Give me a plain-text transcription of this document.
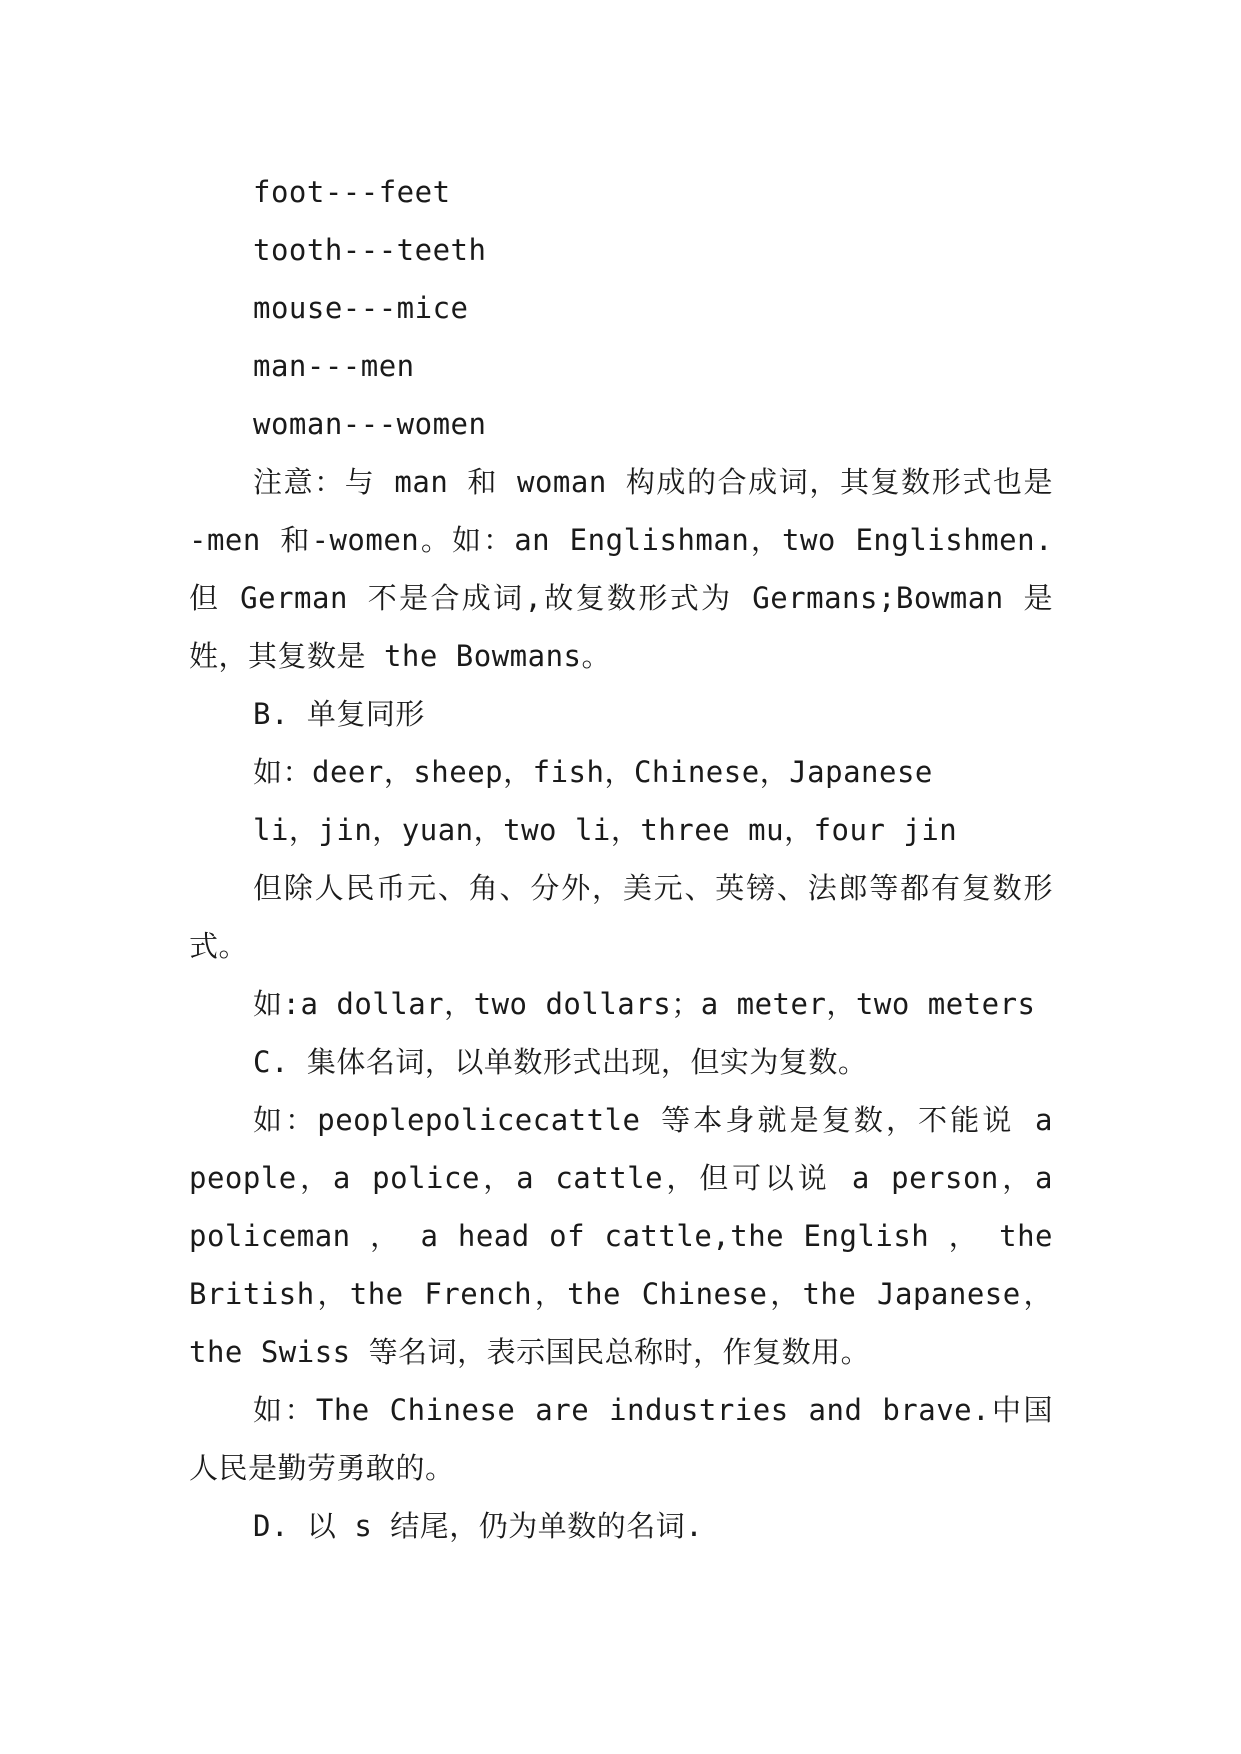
foot---feet

tooth---teeth

mouse---mice

man---men

woman---women

注意：与 man 和 woman 构成的合成词，其复数形式也是 -men 和-women。如：an Englishman，two Englishmen. 但 German 不是合成词,故复数形式为 Germans;Bowman 是姓，其复数是 the Bowmans。

B. 单复同形

如：deer，sheep，fish，Chinese，Japanese

li，jin，yuan，two li，three mu，four jin

但除人民币元、角、分外，美元、英镑、法郎等都有复数形式。

如:a dollar，two dollars；a meter，two meters

C. 集体名词，以单数形式出现，但实为复数。

如：peoplepolicecattle 等本身就是复数，不能说 a people，a police，a cattle，但可以说 a person，a policeman ， a head of cattle,the English ， the British，the French，the Chinese，the Japanese，the Swiss 等名词，表示国民总称时，作复数用。

如：The Chinese are industries and brave.中国人民是勤劳勇敢的。

D. 以 s 结尾，仍为单数的名词.
